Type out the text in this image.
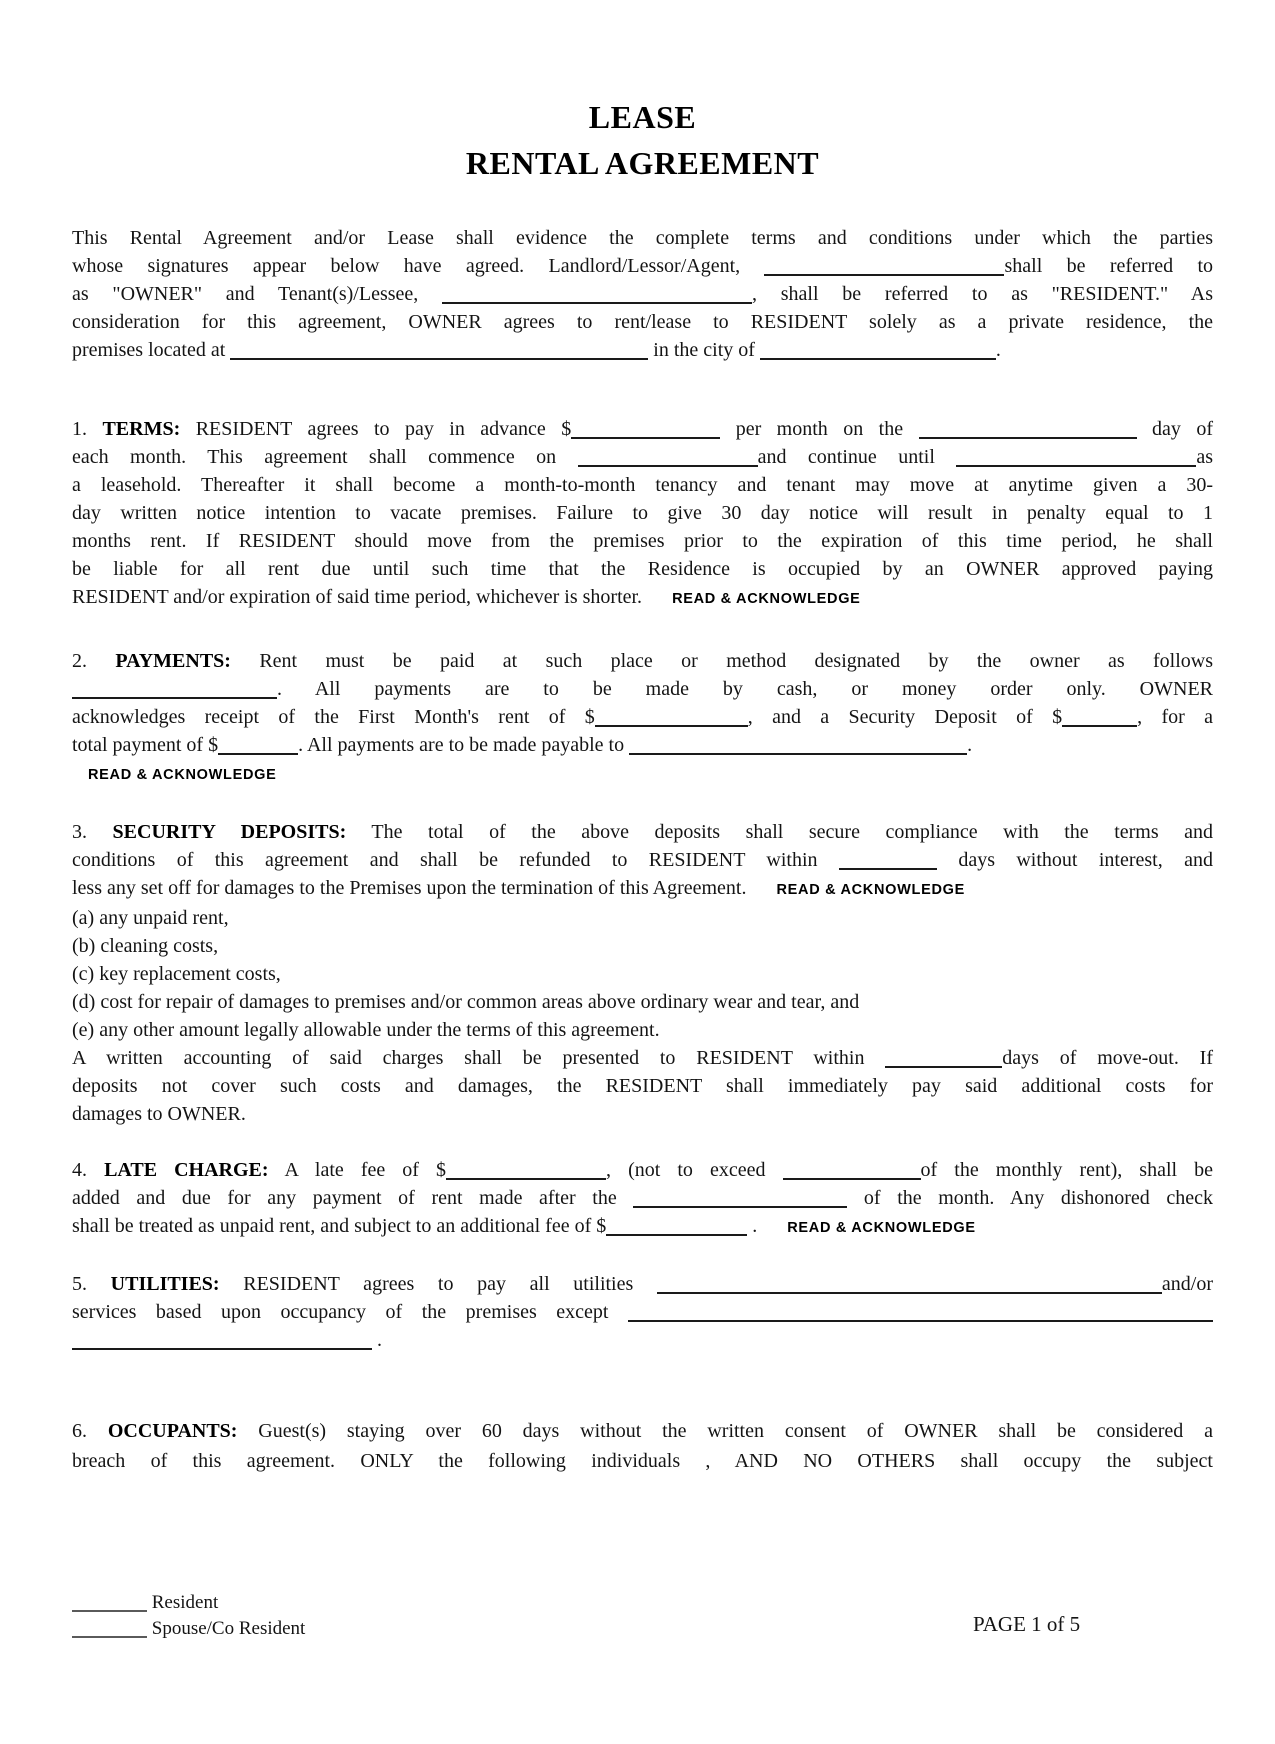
LEASE
RENTAL AGREEMENT
This Rental Agreement and/or Lease shall evidence the complete terms and conditions under which the parties
whose signatures appear below have agreed. Landlord/Lessor/Agent,	shall be referred to
as "OWNER" and Tenant(s)/Lessee,	, shall be referred to as "RESIDENT." As
consideration for this agreement, OWNER agrees to rent/lease to RESIDENT solely as a private residence, the
premises located at	in the city of	.
1. TERMS: RESIDENT agrees to pay in advance $	per month on the	day of
each month. This agreement shall commence on	and continue until	as
a leasehold. Thereafter it shall become a month-to-month tenancy and tenant may move at anytime given a 30-
day written notice intention to vacate premises. Failure to give 30 day notice will result in penalty equal to 1
months rent. If RESIDENT should move from the premises prior to the expiration of this time period, he shall
be liable for all rent due until such time that the Residence is occupied by an OWNER approved paying
RESIDENT and/or expiration of said time period, whichever is shorter. READ & ACKNOWLEDGE
2. PAYMENTS: Rent must be paid at such place or method designated by the owner as follows
. All payments are to be made by cash, or money order only. OWNER
acknowledges receipt of the First Month's rent of $	, and a Security Deposit of $	, for a
total payment of $	. All payments are to be made payable to	.
READ & ACKNOWLEDGE
3. SECURITY DEPOSITS: The total of the above deposits shall secure compliance with the terms and
conditions of this agreement and shall be refunded to RESIDENT within	days without interest, and
less any set off for damages to the Premises upon the termination of this Agreement. READ & ACKNOWLEDGE
(a) any unpaid rent,
(b) cleaning costs,
(c) key replacement costs,
(d) cost for repair of damages to premises and/or common areas above ordinary wear and tear, and
(e) any other amount legally allowable under the terms of this agreement.
A written accounting of said charges shall be presented to RESIDENT within	days of move-out. If
deposits not cover such costs and damages, the RESIDENT shall immediately pay said additional costs for
damages to OWNER.
4. LATE CHARGE: A late fee of $	, (not to exceed	of the monthly rent), shall be
added and due for any payment of rent made after the	of the month. Any dishonored check
shall be treated as unpaid rent, and subject to an additional fee of $	. READ & ACKNOWLEDGE
5. UTILITIES: RESIDENT agrees to pay all utilities	and/or
services based upon occupancy of the premises except
.
6. OCCUPANTS: Guest(s) staying over 60 days without the written consent of OWNER shall be considered a
breach of this agreement. ONLY the following individuals , AND NO OTHERS shall occupy the subject
Resident
Spouse/Co Resident	PAGE 1 of 5
